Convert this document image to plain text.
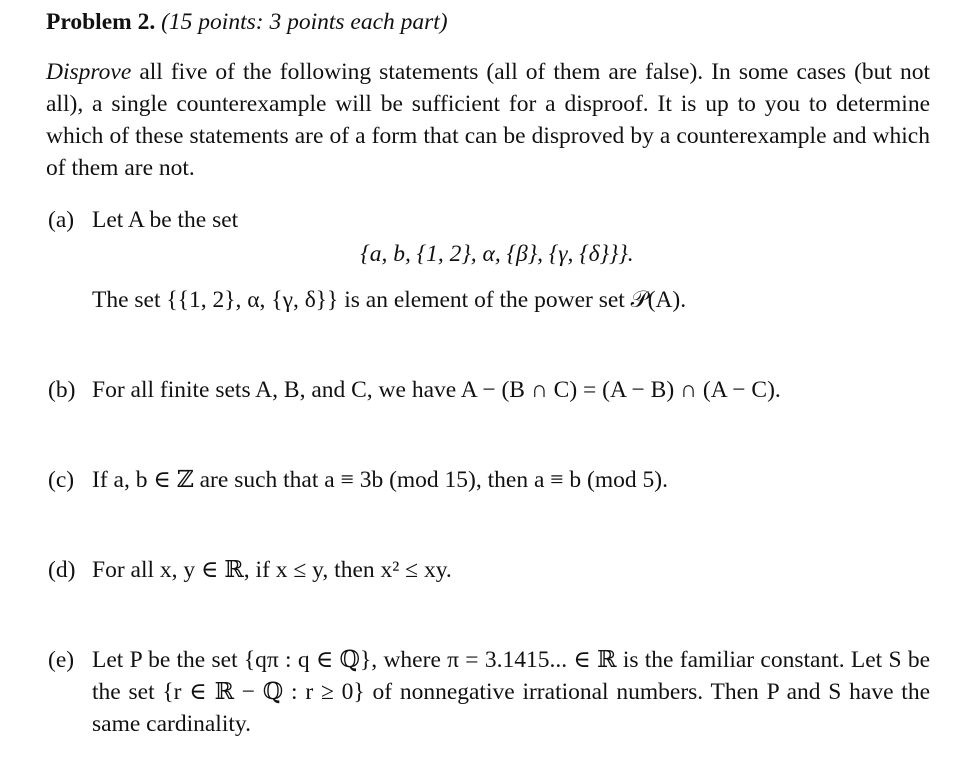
Problem 2. (15 points: 3 points each part)
Disprove all five of the following statements (all of them are false). In some cases (but not all), a single counterexample will be sufficient for a disproof. It is up to you to determine which of these statements are of a form that can be disproved by a counterexample and which of them are not.
(a) Let A be the set
{a, b, {1, 2}, α, {β}, {γ, {δ}}}.
The set {{1, 2}, α, {γ, δ}} is an element of the power set 𝒫(A).
(b) For all finite sets A, B, and C, we have A − (B ∩ C) = (A − B) ∩ (A − C).
(c) If a, b ∈ ℤ are such that a ≡ 3b (mod 15), then a ≡ b (mod 5).
(d) For all x, y ∈ ℝ, if x ≤ y, then x² ≤ xy.
(e) Let P be the set {qπ : q ∈ ℚ}, where π = 3.1415... ∈ ℝ is the familiar constant. Let S be the set {r ∈ ℝ − ℚ : r ≥ 0} of nonnegative irrational numbers. Then P and S have the same cardinality.
